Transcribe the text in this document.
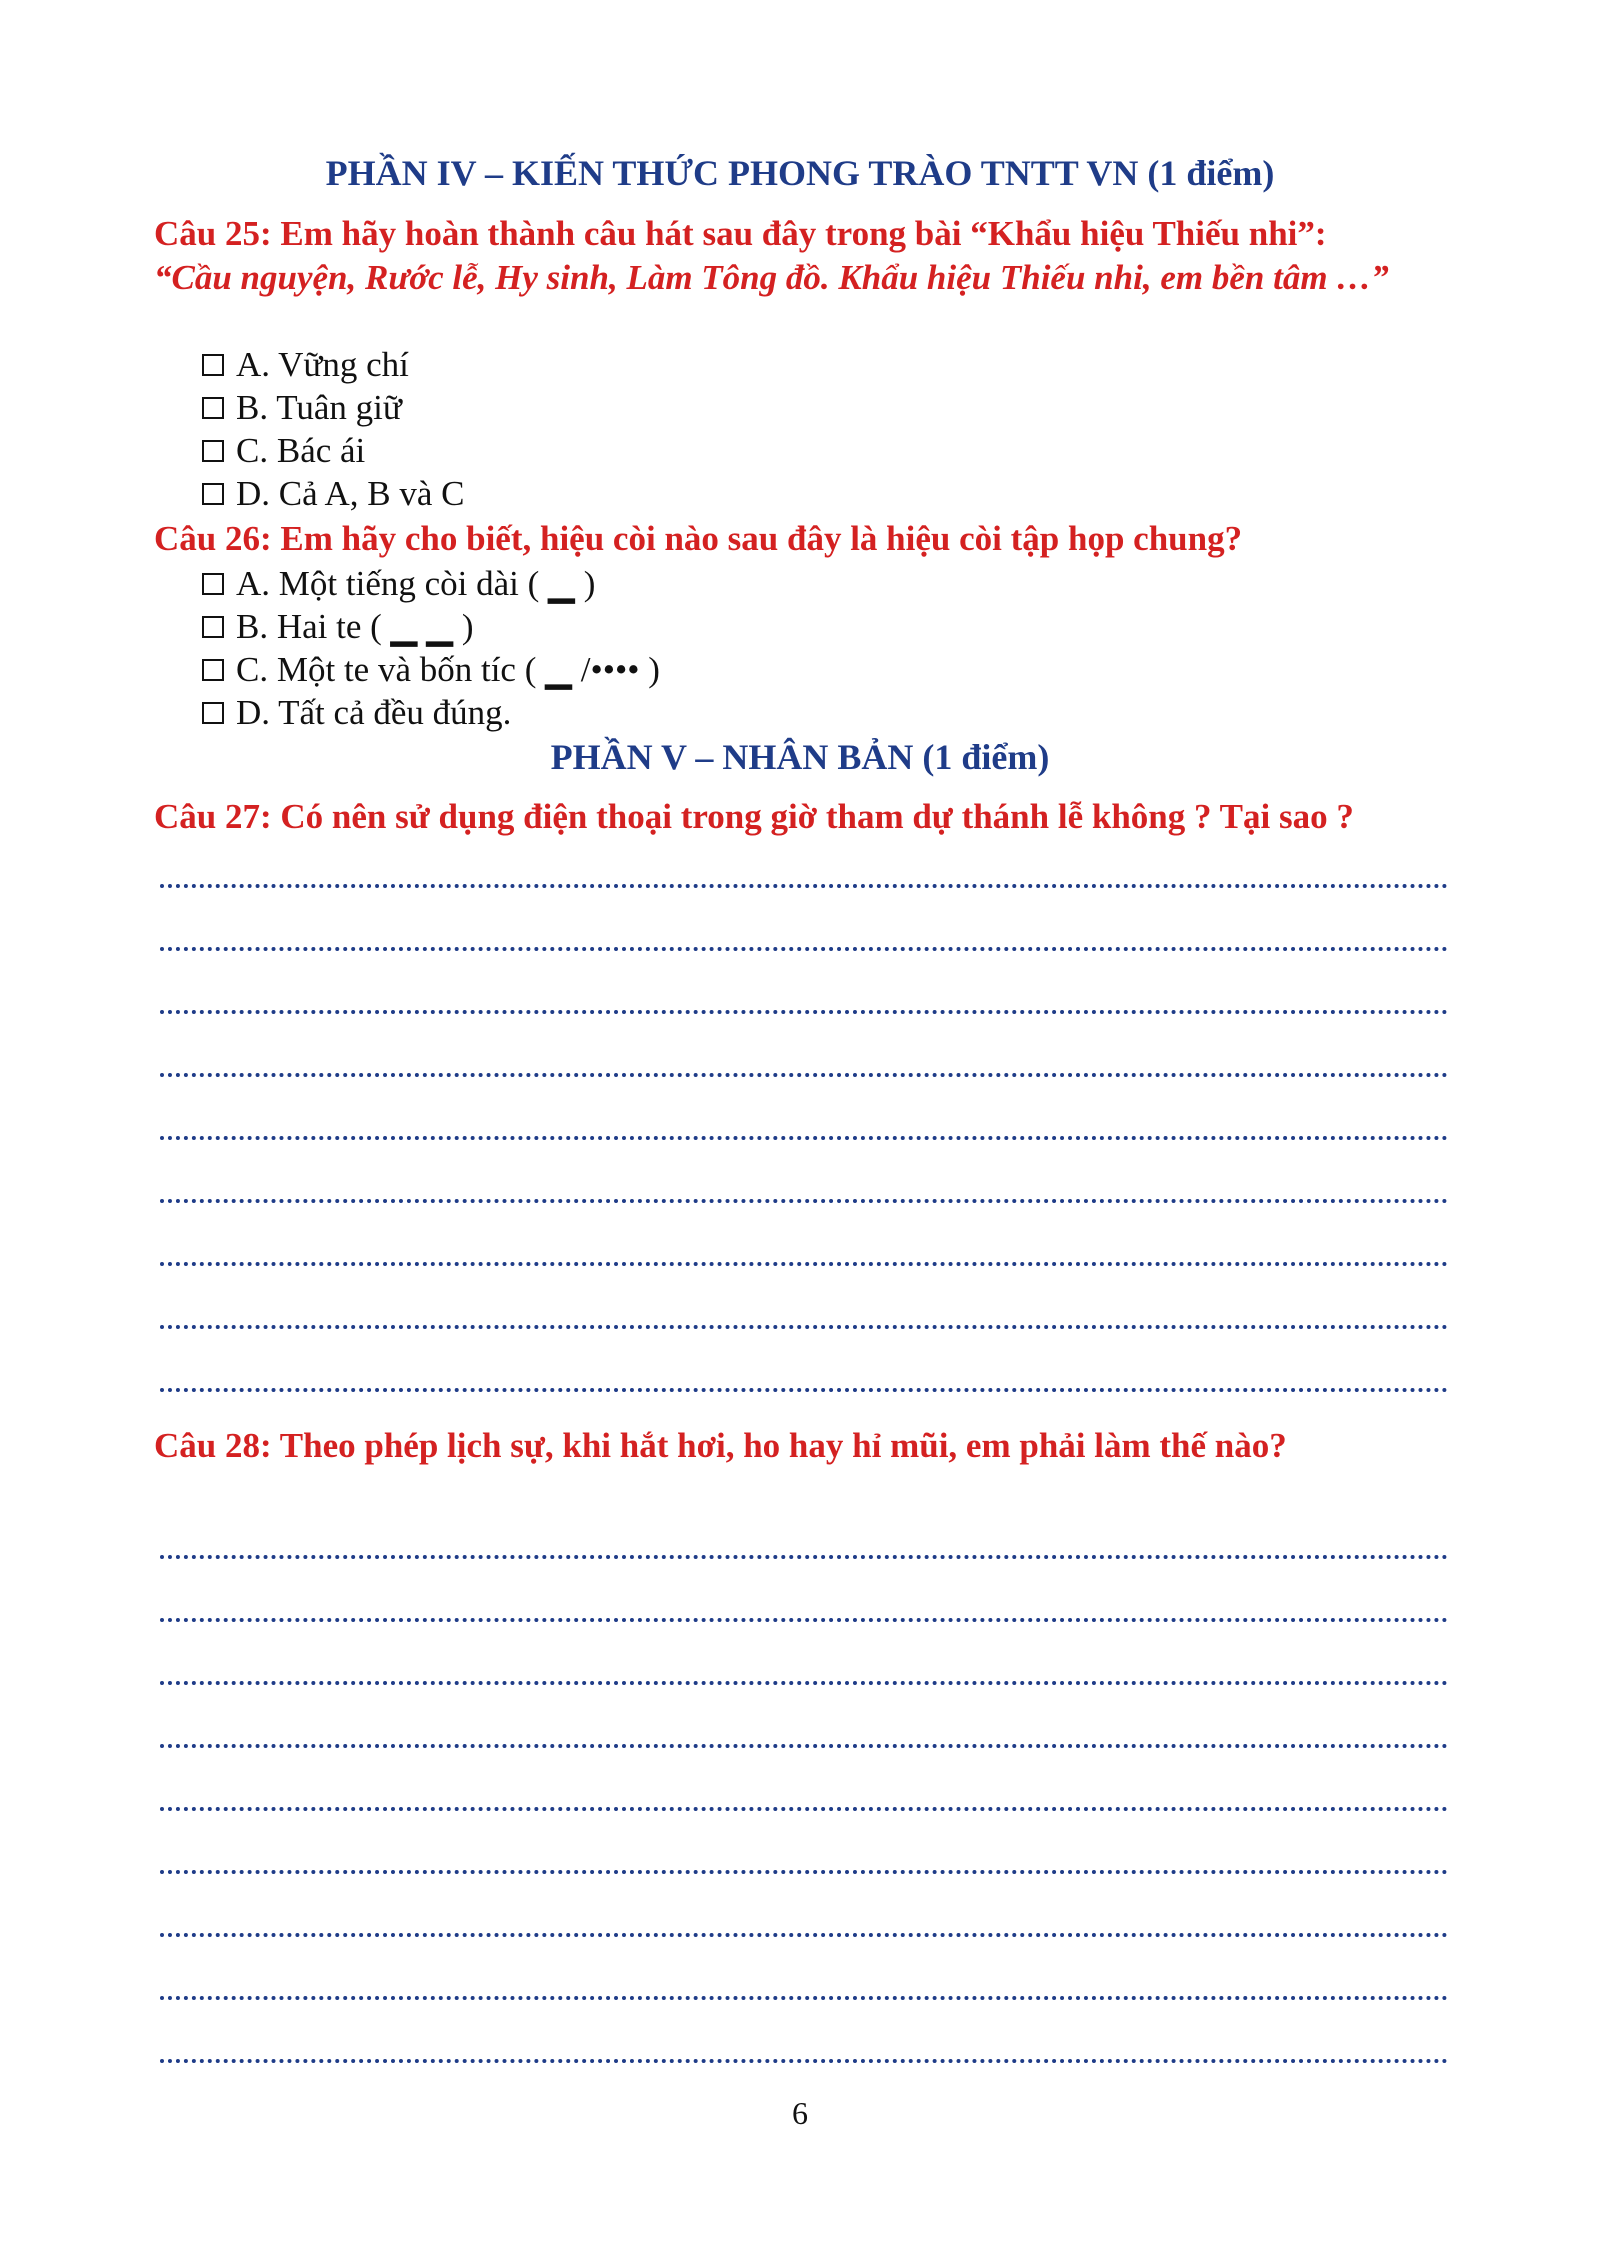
PHẦN IV – KIẾN THỨC PHONG TRÀO TNTT VN (1 điểm)
Câu 25: Em hãy hoàn thành câu hát sau đây trong bài “Khẩu hiệu Thiếu nhi”:
“Cầu nguyện, Rước lễ, Hy sinh, Làm Tông đồ. Khẩu hiệu Thiếu nhi, em bền tâm …”
A. Vững chí
B. Tuân giữ
C. Bác ái
D. Cả A, B và C
Câu 26: Em hãy cho biết, hiệu còi nào sau đây là hiệu còi tập họp chung?
A. Một tiếng còi dài ( ▁ )
B. Hai te ( ▁ ▁ )
C. Một te và bốn tíc ( ▁ /•••• )
D. Tất cả đều đúng.
PHẦN V – NHÂN BẢN (1 điểm)
Câu 27: Có nên sử dụng điện thoại trong giờ tham dự thánh lễ không ? Tại sao ?
Câu 28: Theo phép lịch sự, khi hắt hơi, ho hay hỉ mũi, em phải làm thế nào?
6
